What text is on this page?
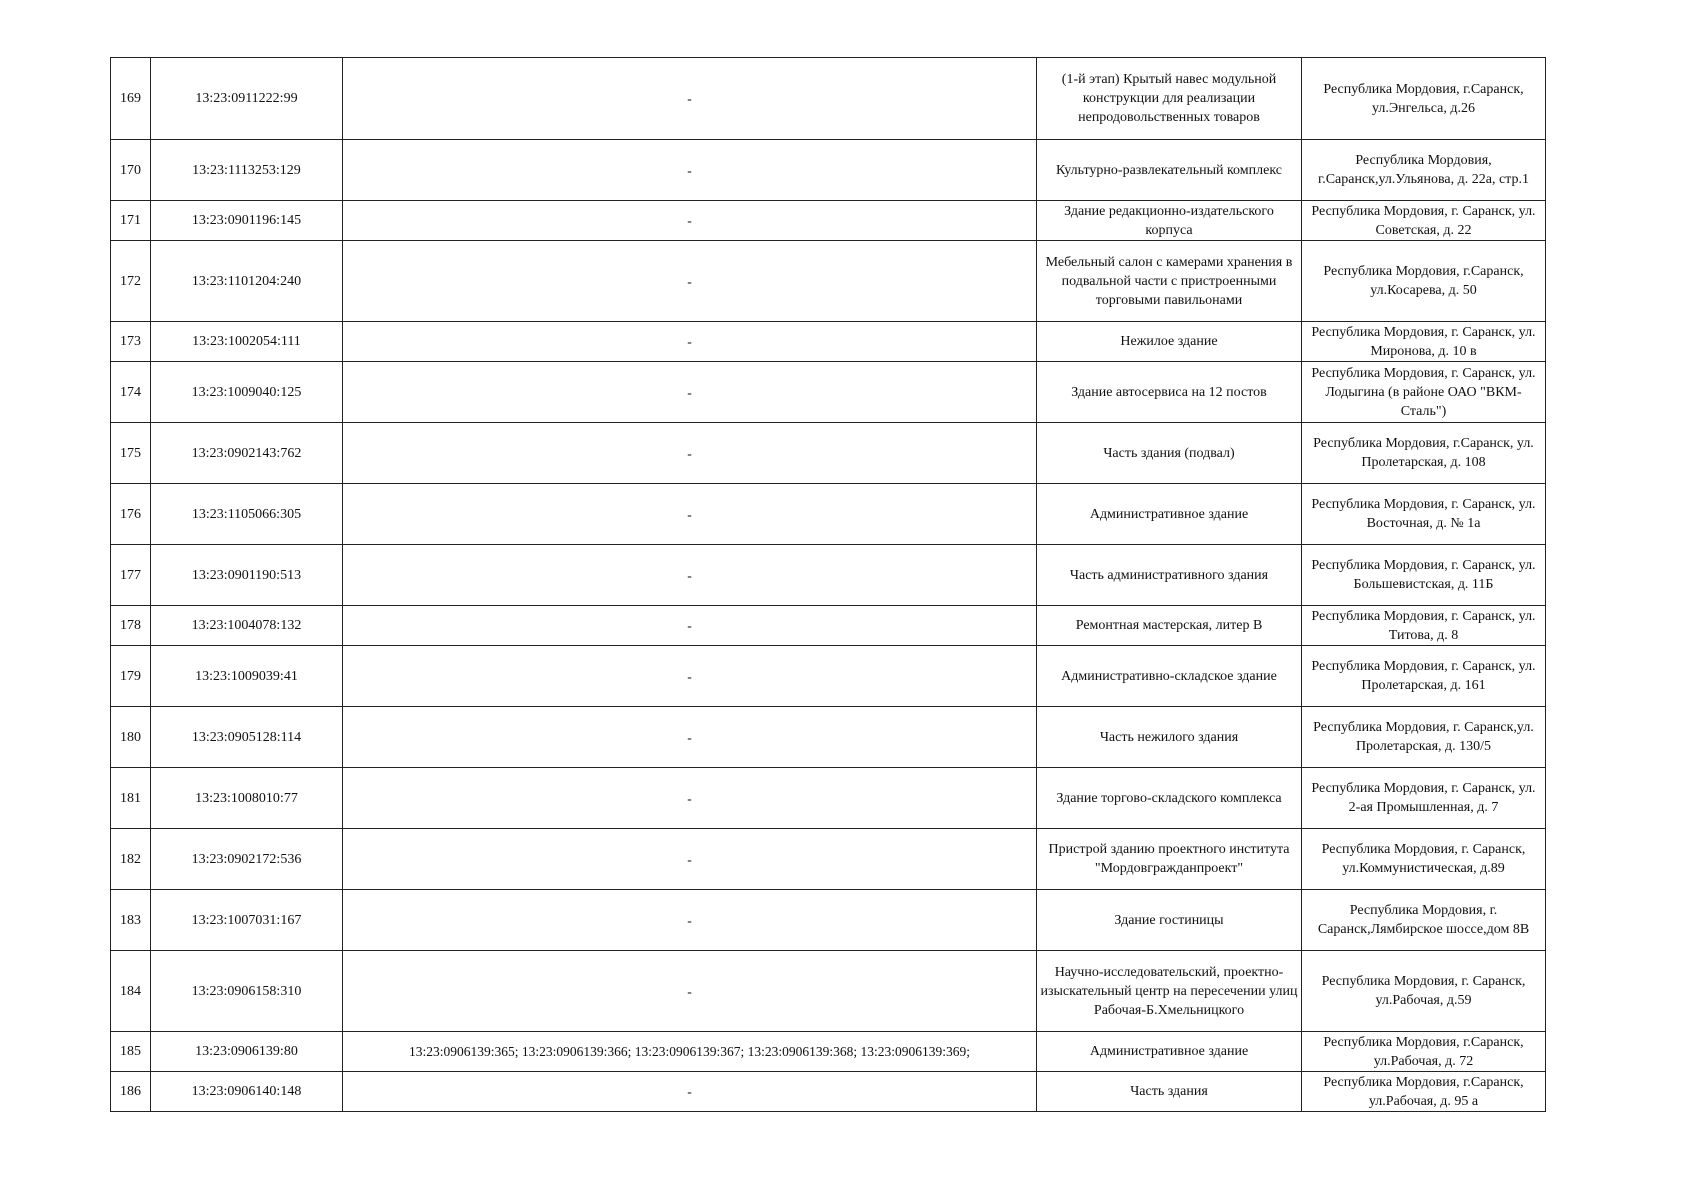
169	13:23:0911222:99	-	(1-й этап) Крытый навес модульной конструкции для реализации непродовольственных товаров	Республика Мордовия, г.Саранск, ул.Энгельса, д.26
170	13:23:1113253:129	-	Культурно-развлекательный комплекс	Республика Мордовия, г.Саранск,ул.Ульянова, д. 22а, стр.1
171	13:23:0901196:145	-	Здание редакционно-издательского корпуса	Республика Мордовия, г. Саранск, ул. Советская, д. 22
172	13:23:1101204:240	-	Мебельный салон с камерами хранения в подвальной части с пристроенными торговыми павильонами	Республика Мордовия, г.Саранск, ул.Косарева, д. 50
173	13:23:1002054:111	-	Нежилое здание	Республика Мордовия, г. Саранск, ул. Миронова, д. 10 в
174	13:23:1009040:125	-	Здание автосервиса на 12 постов	Республика Мордовия, г. Саранск, ул. Лодыгина (в районе ОАО "ВКМ-Сталь")
175	13:23:0902143:762	-	Часть здания (подвал)	Республика Мордовия, г.Саранск, ул. Пролетарская, д. 108
176	13:23:1105066:305	-	Административное здание	Республика Мордовия, г. Саранск, ул. Восточная, д. № 1а
177	13:23:0901190:513	-	Часть административного здания	Республика Мордовия, г. Саранск, ул. Большевистская, д. 11Б
178	13:23:1004078:132	-	Ремонтная мастерская, литер В	Республика Мордовия, г. Саранск, ул. Титова, д. 8
179	13:23:1009039:41	-	Административно-складское здание	Республика Мордовия, г. Саранск, ул. Пролетарская, д. 161
180	13:23:0905128:114	-	Часть нежилого здания	Республика Мордовия, г. Саранск,ул. Пролетарская, д. 130/5
181	13:23:1008010:77	-	Здание торгово-складского комплекса	Республика Мордовия, г. Саранск, ул. 2-ая Промышленная, д. 7
182	13:23:0902172:536	-	Пристрой зданию проектного института "Мордовгражданпроект"	Республика Мордовия, г. Саранск, ул.Коммунистическая, д.89
183	13:23:1007031:167	-	Здание гостиницы	Республика Мордовия, г. Саранск,Лямбирское шоссе,дом 8В
184	13:23:0906158:310	-	Научно-исследовательский, проектно-изыскательный центр на пересечении улиц Рабочая-Б.Хмельницкого	Республика Мордовия, г. Саранск, ул.Рабочая, д.59
185	13:23:0906139:80	13:23:0906139:365; 13:23:0906139:366; 13:23:0906139:367; 13:23:0906139:368; 13:23:0906139:369;	Административное здание	Республика Мордовия, г.Саранск, ул.Рабочая, д. 72
186	13:23:0906140:148	-	Часть здания	Республика Мордовия, г.Саранск, ул.Рабочая, д. 95 а
